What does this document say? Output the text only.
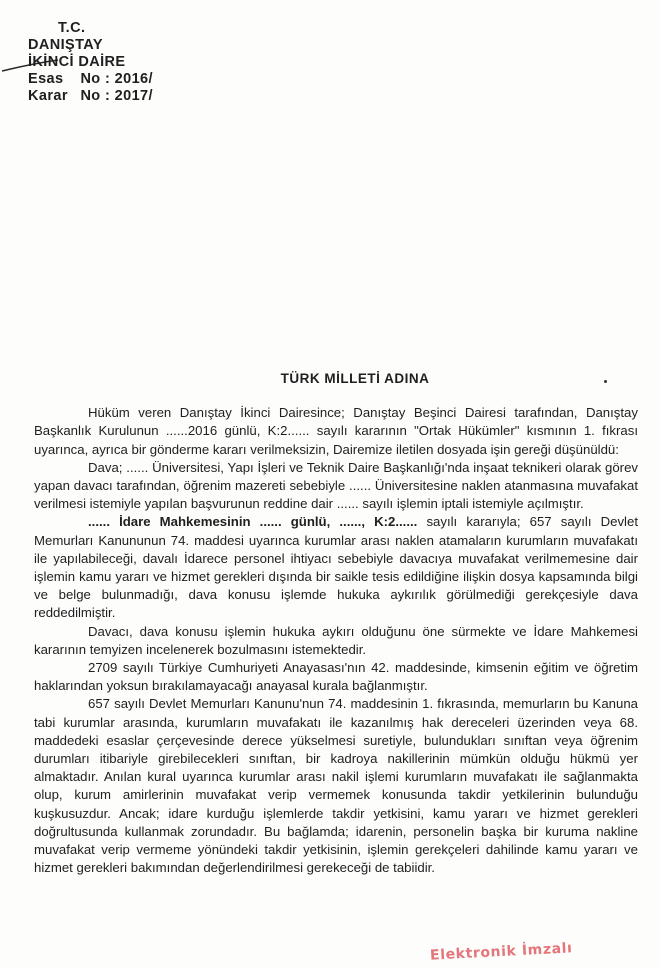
T.C.
DANIŞTAY
İKİNCİ DAİRE
Esas No : 2016/
Karar No : 2017/
TÜRK MİLLETİ ADINA

Hüküm veren Danıştay İkinci Dairesince; Danıştay Beşinci Dairesi tarafından, Danıştay Başkanlık Kurulunun ......2016 günlü, K:2...... sayılı kararının "Ortak Hükümler" kısmının 1. fıkrası uyarınca, ayrıca bir gönderme kararı verilmeksizin, Dairemize iletilen dosyada işin gereği düşünüldü:

Dava; ...... Üniversitesi, Yapı İşleri ve Teknik Daire Başkanlığı'nda inşaat teknikeri olarak görev yapan davacı tarafından, öğrenim mazereti sebebiyle ...... Üniversitesine naklen atanmasına muvafakat verilmesi istemiyle yapılan başvurunun reddine dair ...... sayılı işlemin iptali istemiyle açılmıştır.

...... İdare Mahkemesinin ...... günlü, ......, K:2...... sayılı kararıyla; 657 sayılı Devlet Memurları Kanununun 74. maddesi uyarınca kurumlar arası naklen atamaların kurumların muvafakatı ile yapılabileceği, davalı İdarece personel ihtiyacı sebebiyle davacıya muvafakat verilmemesine dair işlemin kamu yararı ve hizmet gerekleri dışında bir saikle tesis edildiğine ilişkin dosya kapsamında bilgi ve belge bulunmadığı, dava konusu işlemde hukuka aykırılık görülmediği gerekçesiyle dava reddedilmiştir.

Davacı, dava konusu işlemin hukuka aykırı olduğunu öne sürmekte ve İdare Mahkemesi kararının temyizen incelenerek bozulmasını istemektedir.

2709 sayılı Türkiye Cumhuriyeti Anayasası'nın 42. maddesinde, kimsenin eğitim ve öğretim haklarından yoksun bırakılamayacağı anayasal kurala bağlanmıştır.

657 sayılı Devlet Memurları Kanunu'nun 74. maddesinin 1. fıkrasında, memurların bu Kanuna tabi kurumlar arasında, kurumların muvafakatı ile kazanılmış hak dereceleri üzerinden veya 68. maddedeki esaslar çerçevesinde derece yükselmesi suretiyle, bulundukları sınıftan veya öğrenim durumları itibariyle girebilecekleri sınıftan, bir kadroya nakillerinin mümkün olduğu hükmü yer almaktadır. Anılan kural uyarınca kurumlar arası nakil işlemi kurumların muvafakatı ile sağlanmakta olup, kurum amirlerinin muvafakat verip vermemek konusunda takdir yetkilerinin bulunduğu kuşkusuzdur. Ancak; idare kurduğu işlemlerde takdir yetkisini, kamu yararı ve hizmet gerekleri doğrultusunda kullanmak zorundadır. Bu bağlamda; idarenin, personelin başka bir kuruma nakline muvafakat verip vermeme yönündeki takdir yetkisinin, işlemin gerekçeleri dahilinde kamu yararı ve hizmet gerekleri bakımından değerlendirilmesi gerekeceği de tabiidir.

Elektronik İmzalı
